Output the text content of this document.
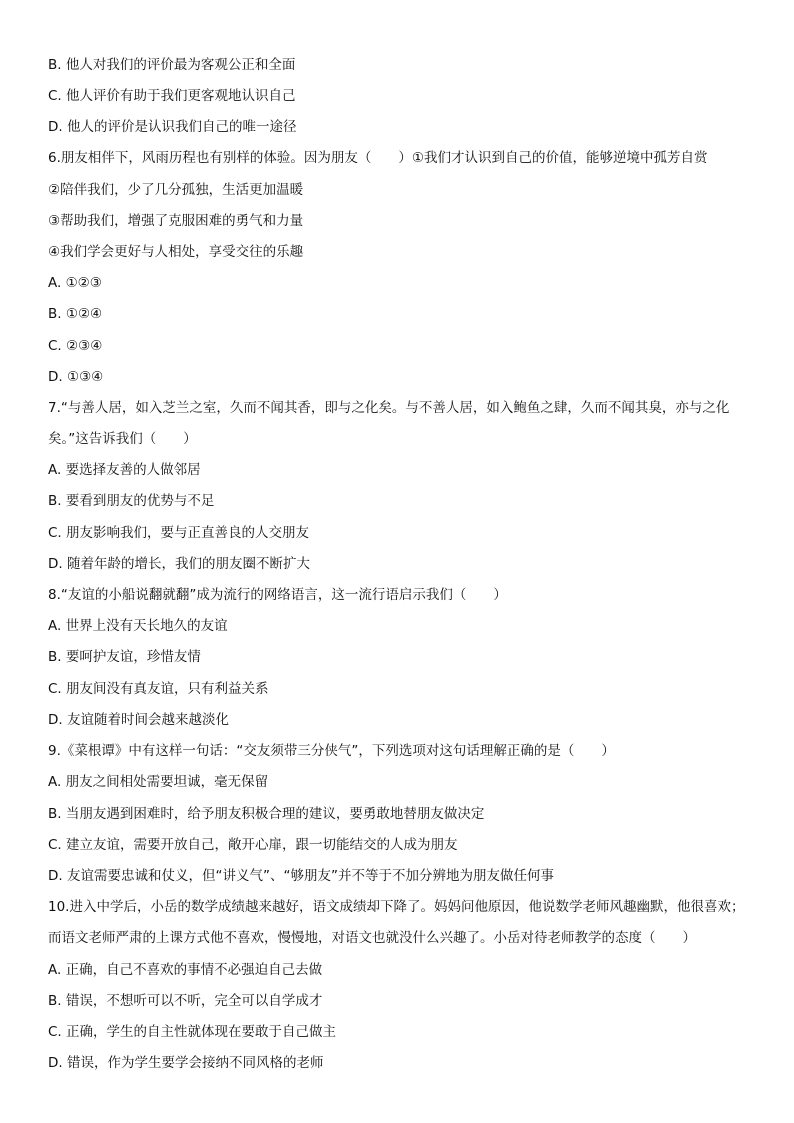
B. 他人对我们的评价最为客观公正和全面
C. 他人评价有助于我们更客观地认识自己
D. 他人的评价是认识我们自己的唯一途径
6.朋友相伴下，风雨历程也有别样的体验。因为朋友（　　）①我们才认识到自己的价值，能够逆境中孤芳自赏
②陪伴我们，少了几分孤独，生活更加温暖
③帮助我们，增强了克服困难的勇气和力量
④我们学会更好与人相处，享受交往的乐趣
A. ①②③
B. ①②④
C. ②③④
D. ①③④
7.“与善人居，如入芝兰之室，久而不闻其香，即与之化矣。与不善人居，如入鲍鱼之肆，久而不闻其臭，亦与之化
矣。”这告诉我们（　　）
A. 要选择友善的人做邻居
B. 要看到朋友的优势与不足
C. 朋友影响我们，要与正直善良的人交朋友
D. 随着年龄的增长，我们的朋友圈不断扩大
8.“友谊的小船说翻就翻”成为流行的网络语言，这一流行语启示我们（　　）
A. 世界上没有天长地久的友谊
B. 要呵护友谊，珍惜友情
C. 朋友间没有真友谊，只有利益关系
D. 友谊随着时间会越来越淡化
9.《菜根谭》中有这样一句话：“交友须带三分侠气”，下列选项对这句话理解正确的是（　　）
A. 朋友之间相处需要坦诚，毫无保留
B. 当朋友遇到困难时，给予朋友积极合理的建议，要勇敢地替朋友做决定
C. 建立友谊，需要开放自己，敞开心扉，跟一切能结交的人成为朋友
D. 友谊需要忠诚和仗义，但“讲义气”、“够朋友”并不等于不加分辨地为朋友做任何事
10.进入中学后，小岳的数学成绩越来越好，语文成绩却下降了。妈妈问他原因，他说数学老师风趣幽默，他很喜欢；
而语文老师严肃的上课方式他不喜欢，慢慢地，对语文也就没什么兴趣了。小岳对待老师教学的态度（　　）
A. 正确，自己不喜欢的事情不必强迫自己去做
B. 错误，不想听可以不听，完全可以自学成才
C. 正确，学生的自主性就体现在要敢于自己做主
D. 错误，作为学生要学会接纳不同风格的老师
